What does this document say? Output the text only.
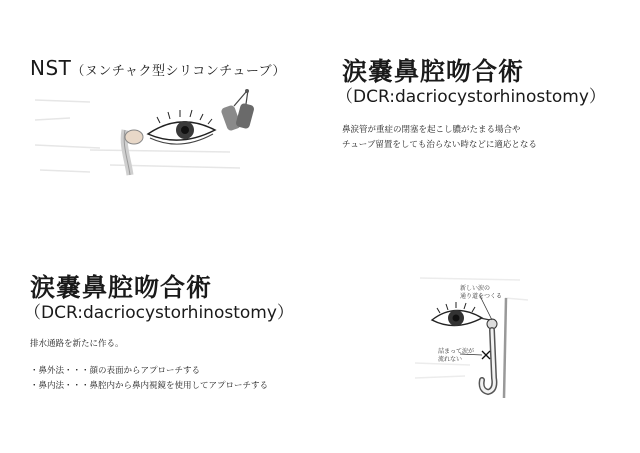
NST（ヌンチャク型シリコンチューブ） 涙嚢鼻腔吻合術
（DCR:dacriocystorhinostomy）
鼻涙管が重症の閉塞を起こし膿がたまる場合や
チューブ留置をしても治らない時などに適応となる
涙嚢鼻腔吻合術
（DCR:dacriocystorhinostomy）
排水通路を新たに作る。
・鼻外法・・・顔の表面からアプローチする
・鼻内法・・・鼻腔内から鼻内視鏡を使用してアプローチする
新しい涙の
通り道をつくる
詰まって涙が
流れない
